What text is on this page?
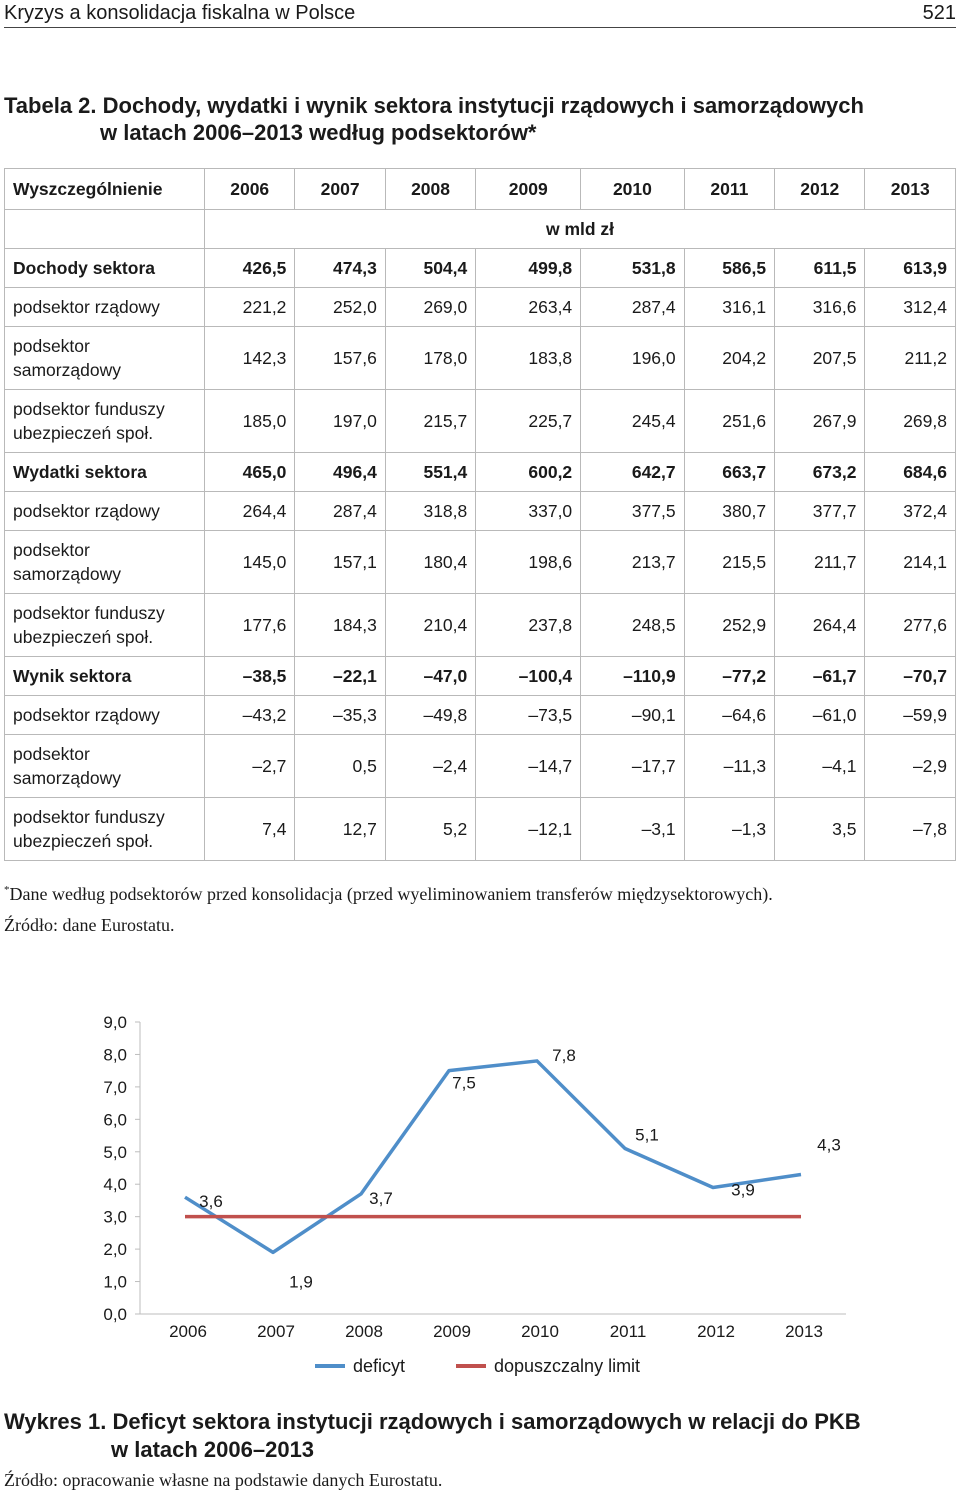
Kryzys a konsolidacja fiskalna w Polsce	521
Tabela 2. Dochody, wydatki i wynik sektora instytucji rządowych i samorządowych
w latach 2006–2013 według podsektorów*
Wyszczególnienie	2006	2007	2008	2009	2010	2011	2012	2013
	w mld zł							
Dochody sektora	426,5	474,3	504,4	499,8	531,8	586,5	611,5	613,9
podsektor rządowy	221,2	252,0	269,0	263,4	287,4	316,1	316,6	312,4

podsektor
samorządowy	142,3	157,6	178,0	183,8	196,0	204,2	207,5	211,2

podsektor funduszy
ubezpieczeń społ.	185,0	197,0	215,7	225,7	245,4	251,6	267,9	269,8
Wydatki sektora	465,0	496,4	551,4	600,2	642,7	663,7	673,2	684,6
podsektor rządowy	264,4	287,4	318,8	337,0	377,5	380,7	377,7	372,4

podsektor
samorządowy	145,0	157,1	180,4	198,6	213,7	215,5	211,7	214,1

podsektor funduszy
ubezpieczeń społ.	177,6	184,3	210,4	237,8	248,5	252,9	264,4	277,6
Wynik sektora	–38,5	–22,1	–47,0	–100,4	–110,9	–77,2	–61,7	–70,7
podsektor rządowy	–43,2	–35,3	–49,8	–73,5	–90,1	–64,6	–61,0	–59,9

podsektor
samorządowy	–2,7	0,5	–2,4	–14,7	–17,7	–11,3	–4,1	–2,9

podsektor funduszy
ubezpieczeń społ.	7,4	12,7	5,2	–12,1	–3,1	–1,3	3,5	–7,8
*Dane według podsektorów przed konsolidacja (przed wyeliminowaniem transferów międzysektorowych).
Źródło: dane Eurostatu.
0,0
1,0
2,0
3,0
4,0
5,0
6,0
7,0
8,0
9,0
2006	2007	2008	2009	2010	2011	2012	2013
3,6
1,9
3,7
7,5
7,8
5,1
3,9
4,3
deficyt	dopuszczalny limit
Wykres 1. Deficyt sektora instytucji rządowych i samorządowych w relacji do PKB
w latach 2006–2013
Źródło: opracowanie własne na podstawie danych Eurostatu.
